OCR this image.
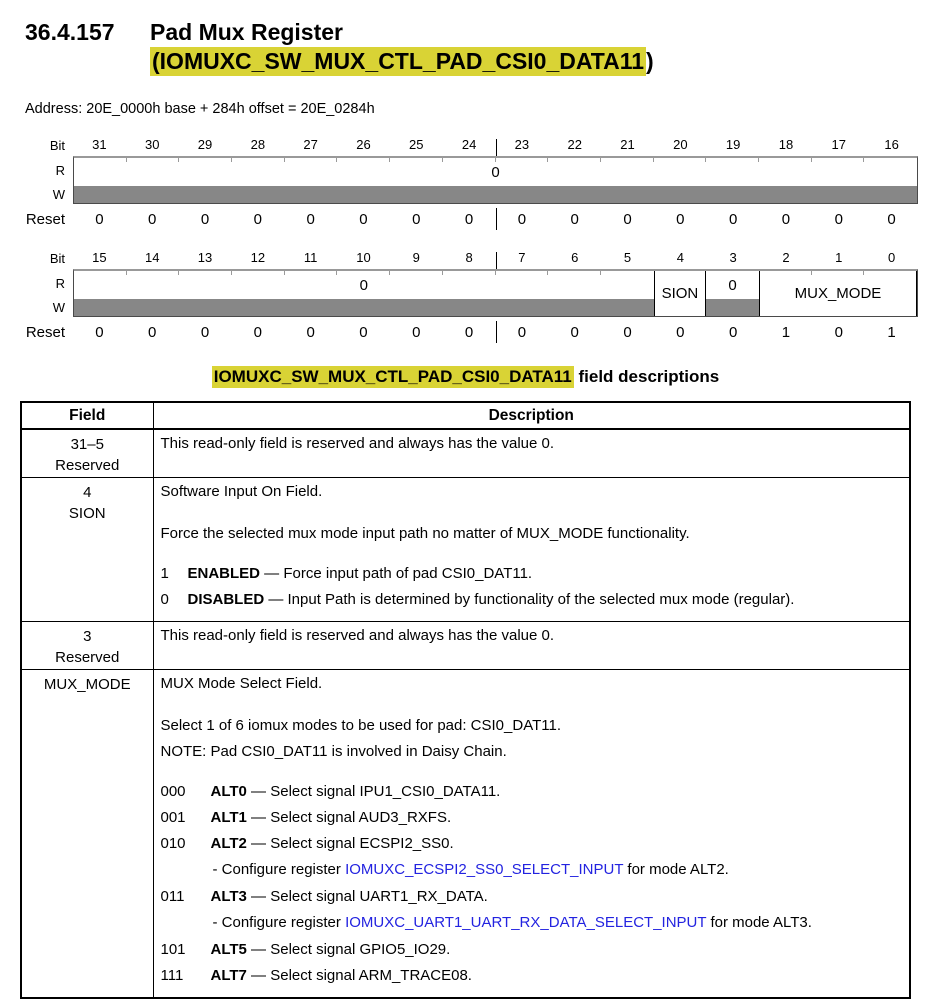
36.4.157	Pad Mux Register
(IOMUXC_SW_MUX_CTL_PAD_CSI0_DATA11)
Address: 20E_0000h base + 284h offset = 20E_0284h
Bit	31	30	29	28	27	26	25	24	23	22	21	20	19	18	17	16
R
W
0
Reset	0	0	0	0	0	0	0	0	0	0	0	0	0	0	0	0
Bit	15	14	13	12	11	10	9	8	7	6	5	4	3	2	1	0
R
W
0	SION	0	MUX_MODE
Reset	0	0	0	0	0	0	0	0	0	0	0	0	0	1	0	1
IOMUXC_SW_MUX_CTL_PAD_CSI0_DATA11 field descriptions
Field	Description

31–5
Reserved	This read-only field is reserved and always has the value 0.

4
SION

Software Input On Field.
Force the selected mux mode input path no matter of MUX_MODE functionality.
1 ENABLED — Force input path of pad CSI0_DAT11.
0 DISABLED — Input Path is determined by functionality of the selected mux mode (regular).

3
Reserved	This read-only field is reserved and always has the value 0.

MUX_MODE	MUX Mode Select Field.
Select 1 of 6 iomux modes to be used for pad: CSI0_DAT11.
NOTE: Pad CSI0_DAT11 is involved in Daisy Chain.
000 ALT0 — Select signal IPU1_CSI0_DATA11.
001 ALT1 — Select signal AUD3_RXFS.
010 ALT2 — Select signal ECSPI2_SS0.
- Configure register IOMUXC_ECSPI2_SS0_SELECT_INPUT for mode ALT2.
011 ALT3 — Select signal UART1_RX_DATA.
- Configure register IOMUXC_UART1_UART_RX_DATA_SELECT_INPUT for mode ALT3.
101 ALT5 — Select signal GPIO5_IO29.
111 ALT7 — Select signal ARM_TRACE08.
